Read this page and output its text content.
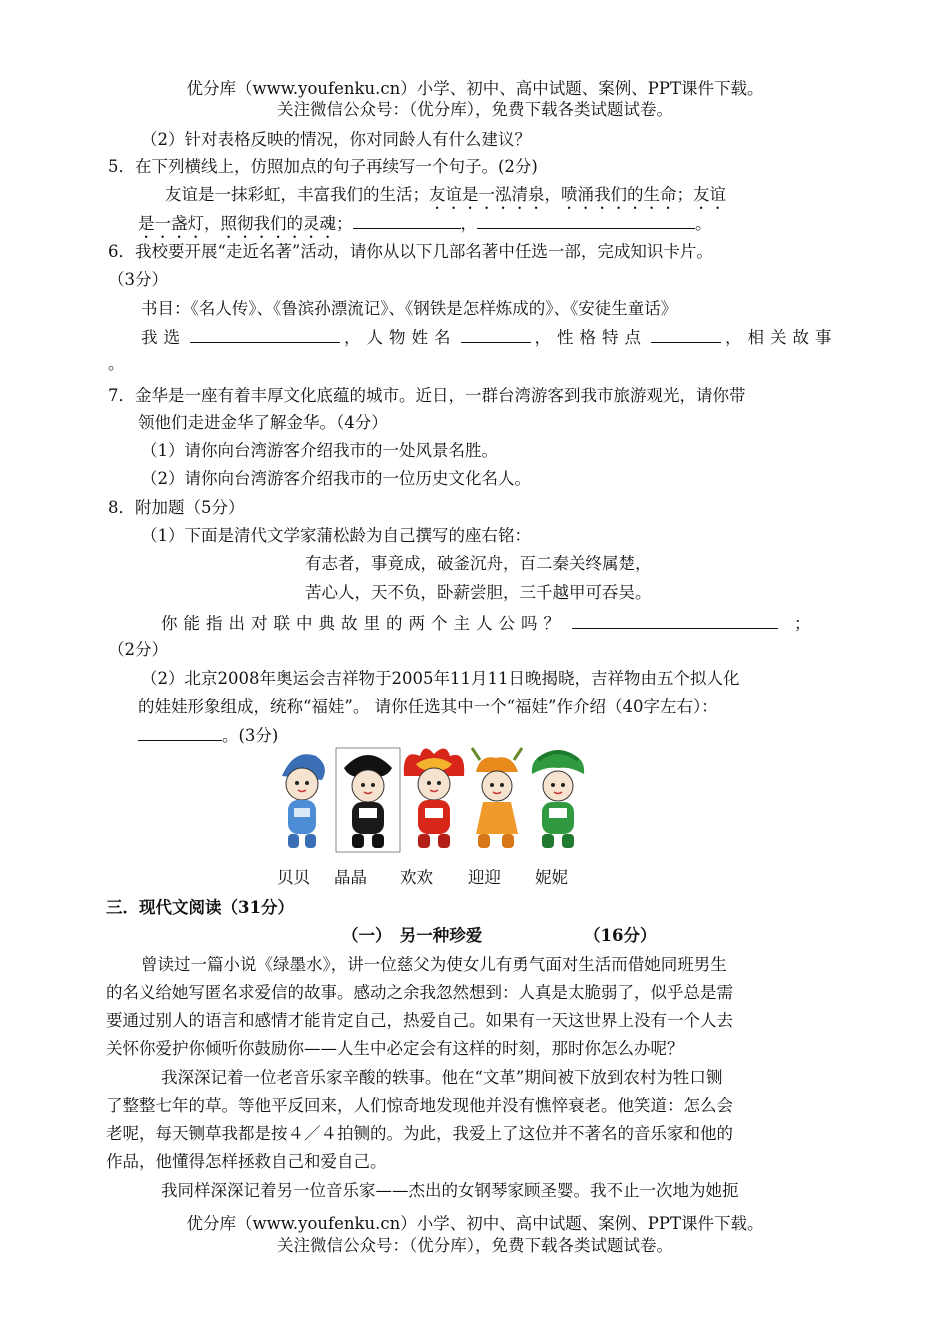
优分库（www.youfenku.cn）小学、初中、高中试题、案例、PPT课件下载。
关注微信公众号：（优分库），免费下载各类试题试卷。
（2）针对表格反映的情况，你对同龄人有什么建议？
5．在下列横线上，仿照加点的句子再续写一个句子。(2分)
友谊是一抹彩虹，丰富我们的生活；友谊是一泓清泉，喷涌我们的生命；友谊
是一盏灯，照彻我们的灵魂；	，	。
6．我校要开展“走近名著”活动，请你从以下几部名著中任选一部，完成知识卡片。
（3分）
书目：《名人传》、《鲁滨孙漂流记》、《钢铁是怎样炼成的》、《安徒生童话》
我选	，人物姓名	，性格特点	，相关故事
。
7．金华是一座有着丰厚文化底蕴的城市。近日，一群台湾游客到我市旅游观光，请你带
领他们走进金华了解金华。（4分）
（1）请你向台湾游客介绍我市的一处风景名胜。
（2）请你向台湾游客介绍我市的一位历史文化名人。
8．附加题（5分）
（1）下面是清代文学家蒲松龄为自己撰写的座右铭：
有志者，事竟成，破釜沉舟，百二秦关终属楚，
苦心人，天不负，卧薪尝胆，三千越甲可吞吴。
你能指出对联中典故里的两个主人公吗？	；
（2分）
（2）北京2008年奥运会吉祥物于2005年11月11日晚揭晓，吉祥物由五个拟人化
的娃娃形象组成，统称“福娃”。 请你任选其中一个“福娃”作介绍（40字左右）：
。(3分)
贝贝 晶晶 欢欢 迎迎 妮妮
三．现代文阅读（31分）
（一）　另一种珍爱	（16分）
曾读过一篇小说《绿墨水》，讲一位慈父为使女儿有勇气面对生活而借她同班男生
的名义给她写匿名求爱信的故事。感动之余我忽然想到：人真是太脆弱了，似乎总是需
要通过别人的语言和感情才能肯定自己，热爱自己。如果有一天这世界上没有一个人去
关怀你爱护你倾听你鼓励你——人生中必定会有这样的时刻，那时你怎么办呢？
我深深记着一位老音乐家辛酸的轶事。他在“文革”期间被下放到农村为牲口铡
了整整七年的草。等他平反回来，人们惊奇地发现他并没有憔悴衰老。他笑道：怎么会
老呢，每天铡草我都是按４／４拍铡的。为此，我爱上了这位并不著名的音乐家和他的
作品，他懂得怎样拯救自己和爱自己。
我同样深深记着另一位音乐家——杰出的女钢琴家顾圣婴。我不止一次地为她扼
优分库（www.youfenku.cn）小学、初中、高中试题、案例、PPT课件下载。
关注微信公众号：（优分库），免费下载各类试题试卷。
